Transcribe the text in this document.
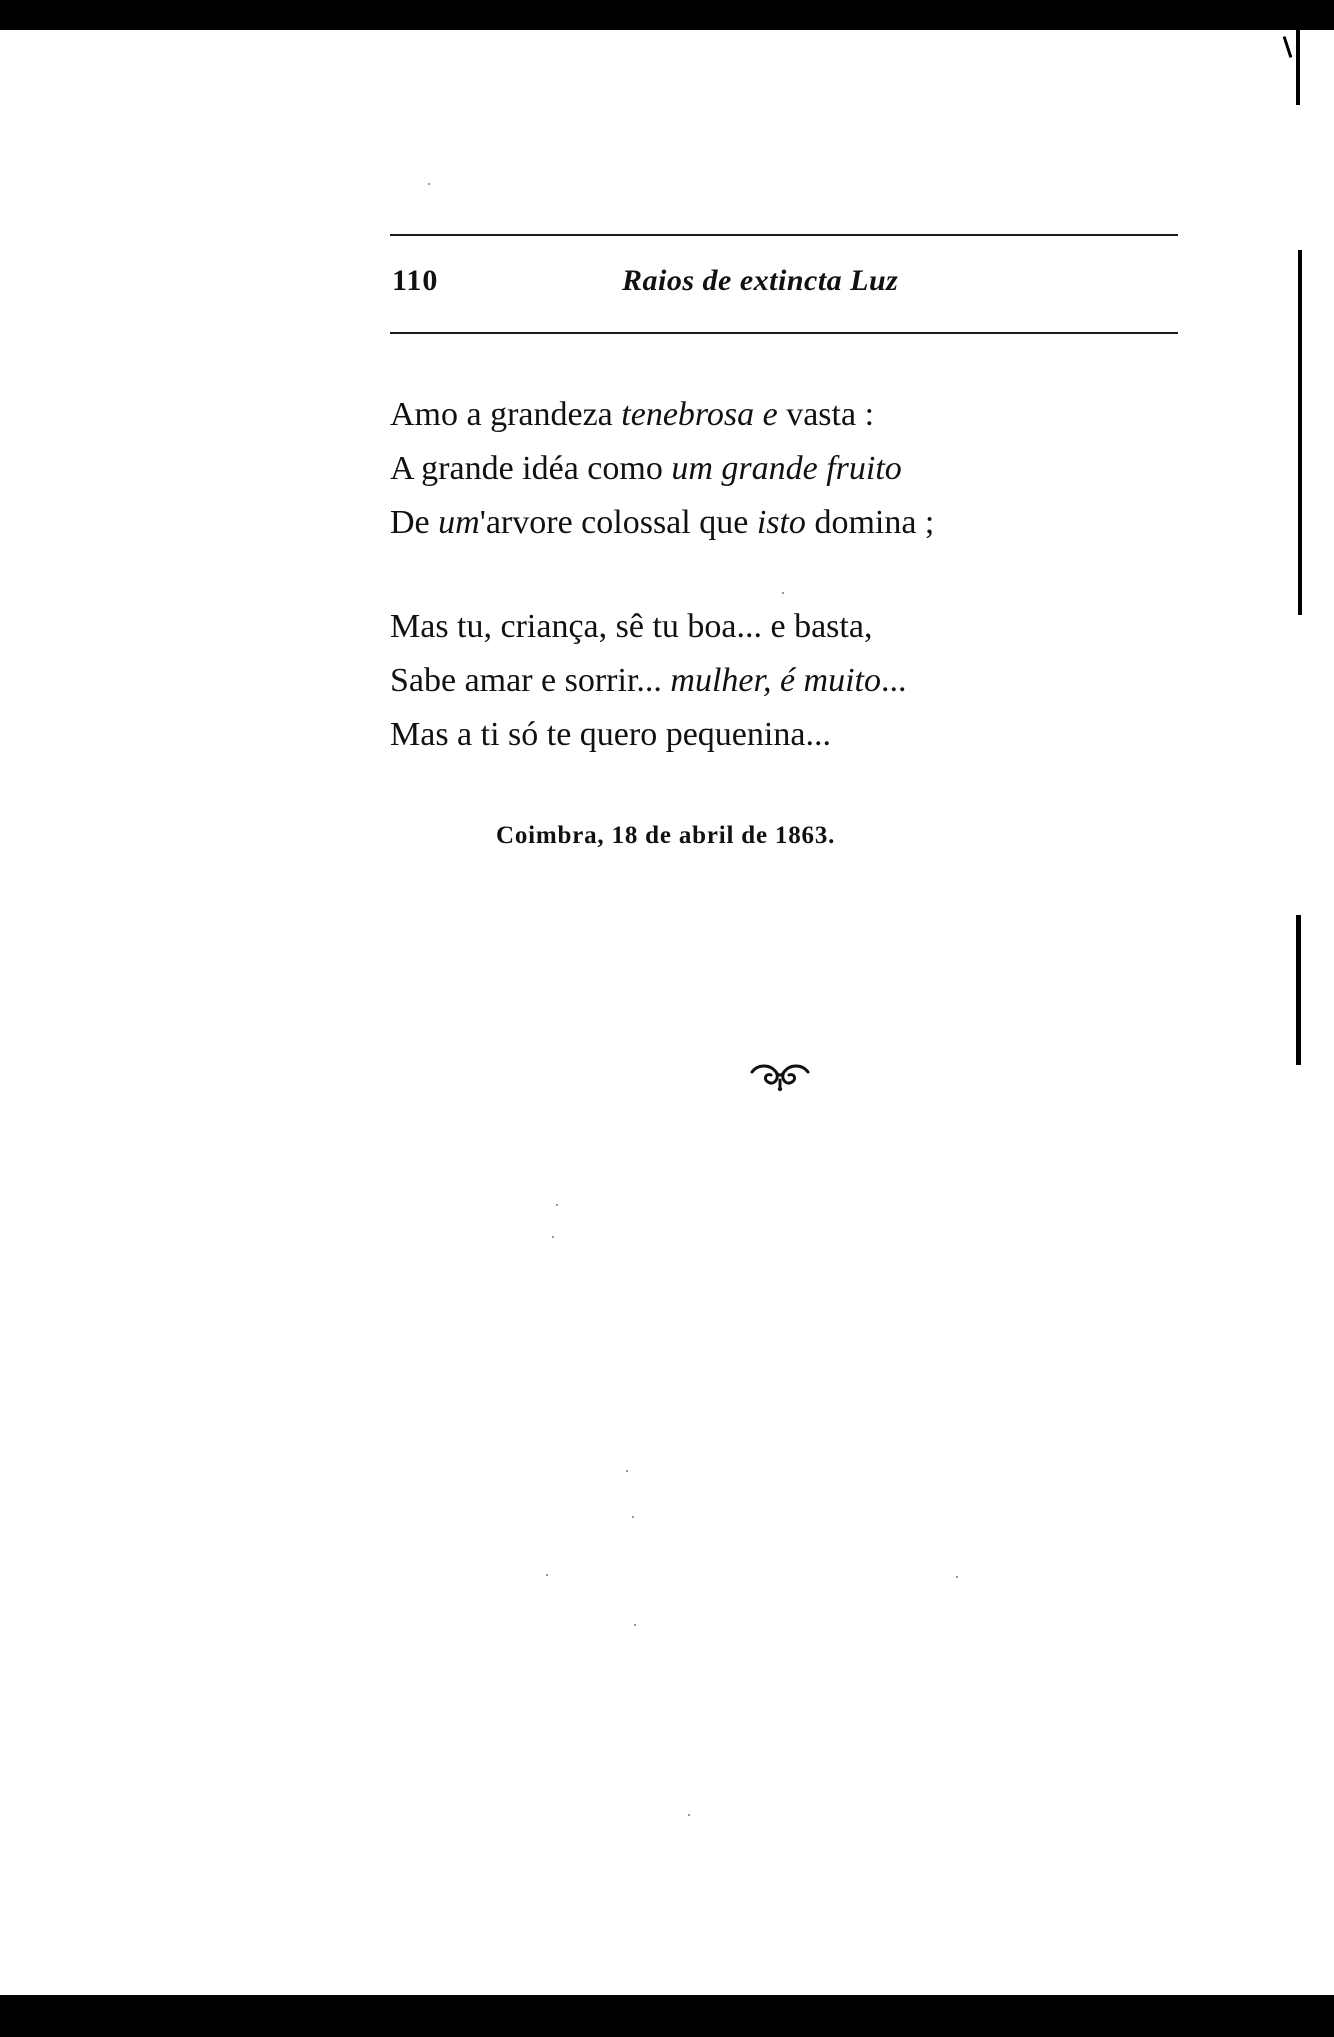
110	Raios de extincta Luz
Amo a grandeza tenebrosa e vasta :
A grande idéa como um grande fruito
De um'arvore colossal que isto domina ;
Mas tu, criança, sê tu boa... e basta,
Sabe amar e sorrir... mulher, é muito...
Mas a ti só te quero pequenina...
Coimbra, 18 de abril de 1863.
